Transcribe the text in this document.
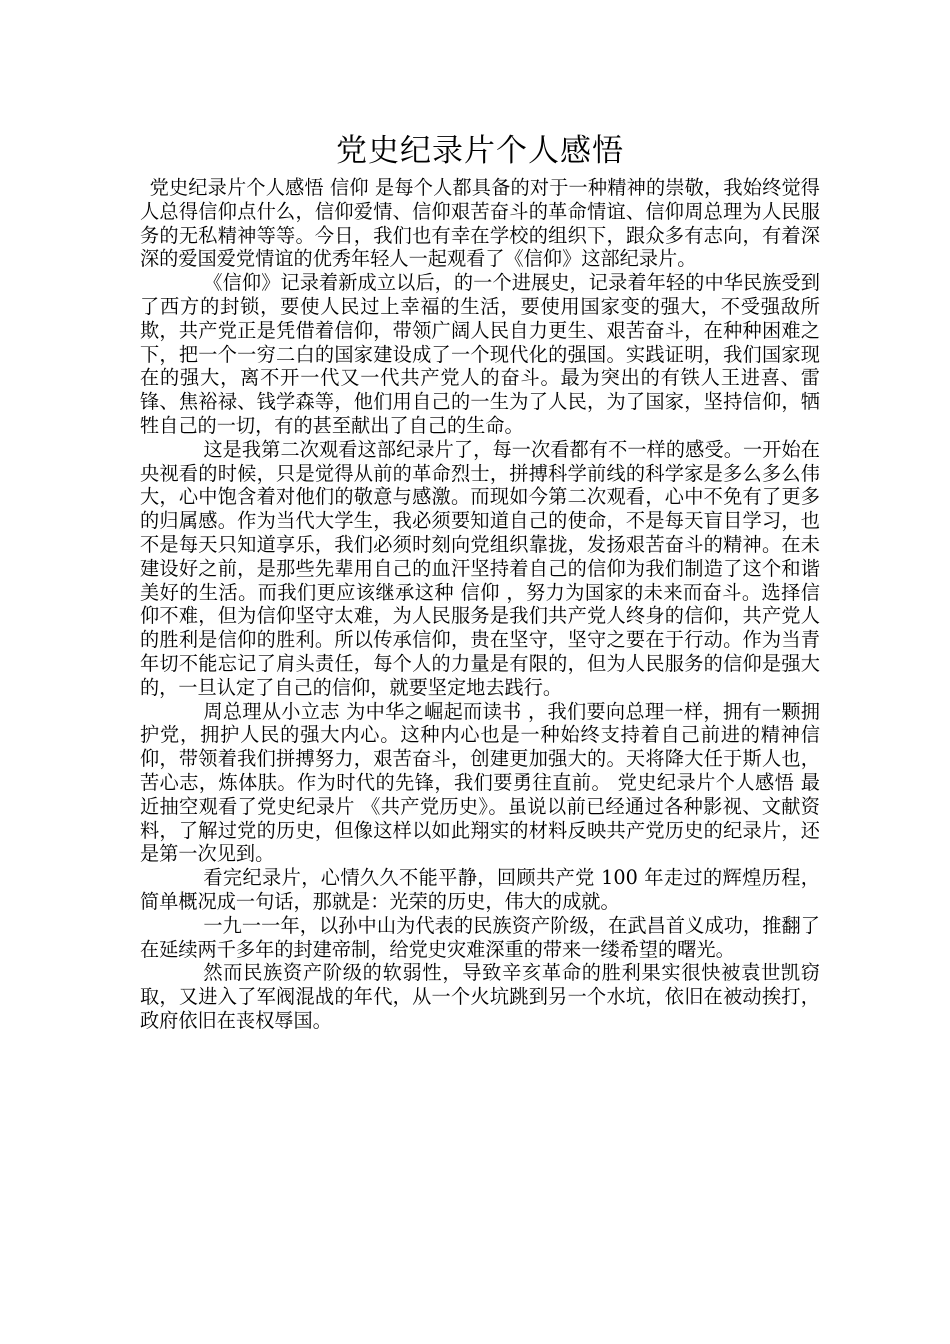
党史纪录片个人感悟

党史纪录片个人感悟 信仰 是每个人都具备的对于一种精神的崇敬，我始终觉得人总得信仰点什么，信仰爱情、信仰艰苦奋斗的革命情谊、信仰周总理为人民服务的无私精神等等。今日，我们也有幸在学校的组织下，跟众多有志向，有着深深的爱国爱党情谊的优秀年轻人一起观看了《信仰》这部纪录片。

《信仰》记录着新成立以后，的一个进展史，记录着年轻的中华民族受到了西方的封锁，要使人民过上幸福的生活，要使用国家变的强大，不受强敌所欺，共产党正是凭借着信仰，带领广阔人民自力更生、艰苦奋斗，在种种困难之下，把一个一穷二白的国家建设成了一个现代化的强国。实践证明，我们国家现在的强大，离不开一代又一代共产党人的奋斗。最为突出的有铁人王进喜、雷锋、焦裕禄、钱学森等，他们用自己的一生为了人民，为了国家，坚持信仰，牺牲自己的一切，有的甚至献出了自己的生命。

这是我第二次观看这部纪录片了，每一次看都有不一样的感受。一开始在央视看的时候，只是觉得从前的革命烈士，拼搏科学前线的科学家是多么多么伟大，心中饱含着对他们的敬意与感激。而现如今第二次观看，心中不免有了更多的归属感。作为当代大学生，我必须要知道自己的使命，不是每天盲目学习，也不是每天只知道享乐，我们必须时刻向党组织靠拢，发扬艰苦奋斗的精神。在未建设好之前，是那些先辈用自己的血汗坚持着自己的信仰为我们制造了这个和谐美好的生活。而我们更应该继承这种 信仰 ，努力为国家的未来而奋斗。选择信仰不难，但为信仰坚守太难，为人民服务是我们共产党人终身的信仰，共产党人的胜利是信仰的胜利。所以传承信仰，贵在坚守，坚守之要在于行动。作为当青年切不能忘记了肩头责任，每个人的力量是有限的，但为人民服务的信仰是强大的，一旦认定了自己的信仰，就要坚定地去践行。

周总理从小立志 为中华之崛起而读书 ，我们要向总理一样，拥有一颗拥护党，拥护人民的强大内心。这种内心也是一种始终支持着自己前进的精神信仰，带领着我们拼搏努力，艰苦奋斗，创建更加强大的。天将降大任于斯人也，苦心志，炼体肤。作为时代的先锋，我们要勇往直前。 党史纪录片个人感悟 最近抽空观看了党史纪录片 《共产党历史》。虽说以前已经通过各种影视、文献资料，了解过党的历史，但像这样以如此翔实的材料反映共产党历史的纪录片，还是第一次见到。

看完纪录片，心情久久不能平静，回顾共产党 100 年走过的辉煌历程，简单概况成一句话，那就是：光荣的历史，伟大的成就。

一九一一年，以孙中山为代表的民族资产阶级，在武昌首义成功，推翻了在延续两千多年的封建帝制，给党史灾难深重的带来一缕希望的曙光。

然而民族资产阶级的软弱性，导致辛亥革命的胜利果实很快被袁世凯窃取，又进入了军阀混战的年代，从一个火坑跳到另一个水坑，依旧在被动挨打，政府依旧在丧权辱国。
